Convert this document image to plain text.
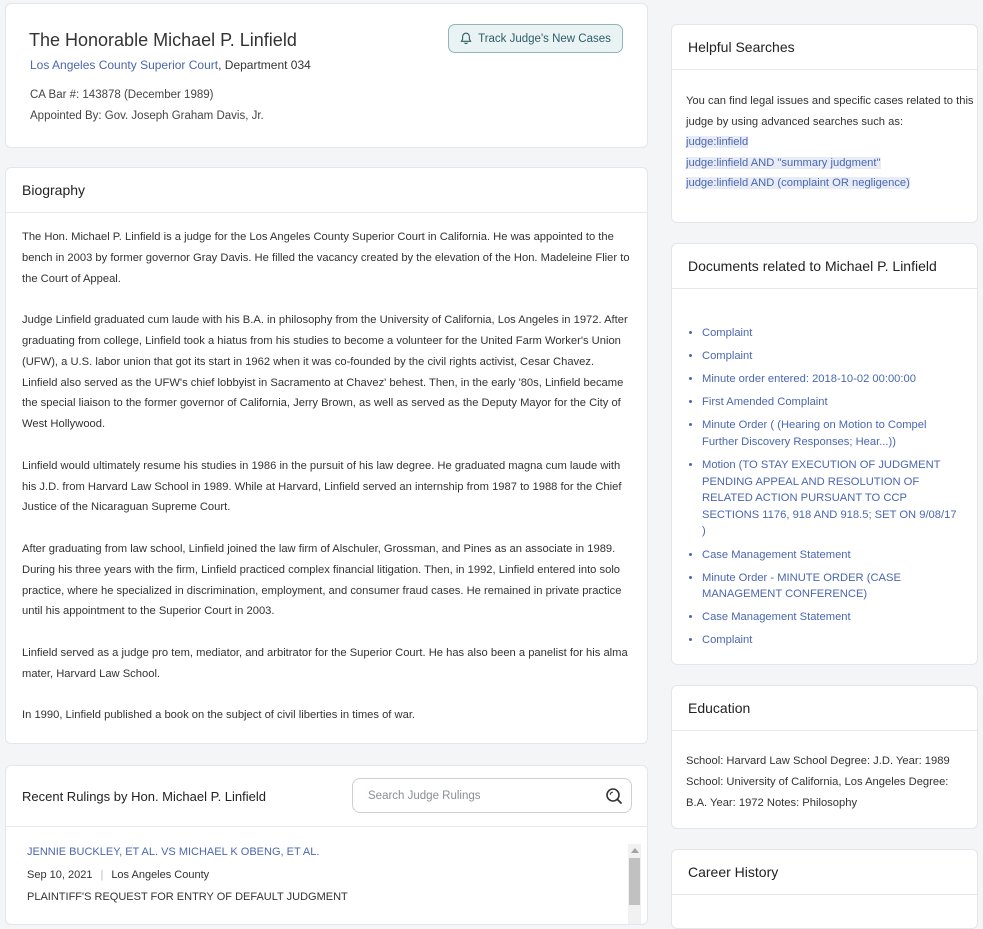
The Honorable Michael P. Linfield
Los Angeles County Superior Court, Department 034
CA Bar #: 143878 (December 1989)
Appointed By: Gov. Joseph Graham Davis, Jr.
Track Judge's New Cases
Biography

The Hon. Michael P. Linfield is a judge for the Los Angeles County Superior Court in California. He was appointed to the bench in 2003 by former governor Gray Davis. He filled the vacancy created by the elevation of the Hon. Madeleine Flier to the Court of Appeal.

Judge Linfield graduated cum laude with his B.A. in philosophy from the University of California, Los Angeles in 1972. After graduating from college, Linfield took a hiatus from his studies to become a volunteer for the United Farm Worker's Union (UFW), a U.S. labor union that got its start in 1962 when it was co-founded by the civil rights activist, Cesar Chavez. Linfield also served as the UFW's chief lobbyist in Sacramento at Chavez' behest. Then, in the early '80s, Linfield became the special liaison to the former governor of California, Jerry Brown, as well as served as the Deputy Mayor for the City of West Hollywood.

Linfield would ultimately resume his studies in 1986 in the pursuit of his law degree. He graduated magna cum laude with his J.D. from Harvard Law School in 1989. While at Harvard, Linfield served an internship from 1987 to 1988 for the Chief Justice of the Nicaraguan Supreme Court.

After graduating from law school, Linfield joined the law firm of Alschuler, Grossman, and Pines as an associate in 1989. During his three years with the firm, Linfield practiced complex financial litigation. Then, in 1992, Linfield entered into solo practice, where he specialized in discrimination, employment, and consumer fraud cases. He remained in private practice until his appointment to the Superior Court in 2003.

Linfield served as a judge pro tem, mediator, and arbitrator for the Superior Court. He has also been a panelist for his alma mater, Harvard Law School.

In 1990, Linfield published a book on the subject of civil liberties in times of war.

Recent Rulings by Hon. Michael P. Linfield
Search Judge Rulings
JENNIE BUCKLEY, ET AL. VS MICHAEL K OBENG, ET AL.
Sep 10, 2021 | Los Angeles County
PLAINTIFF'S REQUEST FOR ENTRY OF DEFAULT JUDGMENT
Helpful Searches
You can find legal issues and specific cases related to this judge by using advanced searches such as:
judge:linfield
judge:linfield AND "summary judgment"
judge:linfield AND (complaint OR negligence)
Documents related to Michael P. Linfield
• Complaint
• Complaint
• Minute order entered: 2018-10-02 00:00:00
• First Amended Complaint
• Minute Order ( (Hearing on Motion to Compel Further Discovery Responses; Hear...))
• Motion (TO STAY EXECUTION OF JUDGMENT PENDING APPEAL AND RESOLUTION OF RELATED ACTION PURSUANT TO CCP SECTIONS 1176, 918 AND 918.5; SET ON 9/08/17 )
• Case Management Statement
• Minute Order - MINUTE ORDER (CASE MANAGEMENT CONFERENCE)
• Case Management Statement
• Complaint
Education
School: Harvard Law School Degree: J.D. Year: 1989 School: University of California, Los Angeles Degree: B.A. Year: 1972 Notes: Philosophy
Career History
